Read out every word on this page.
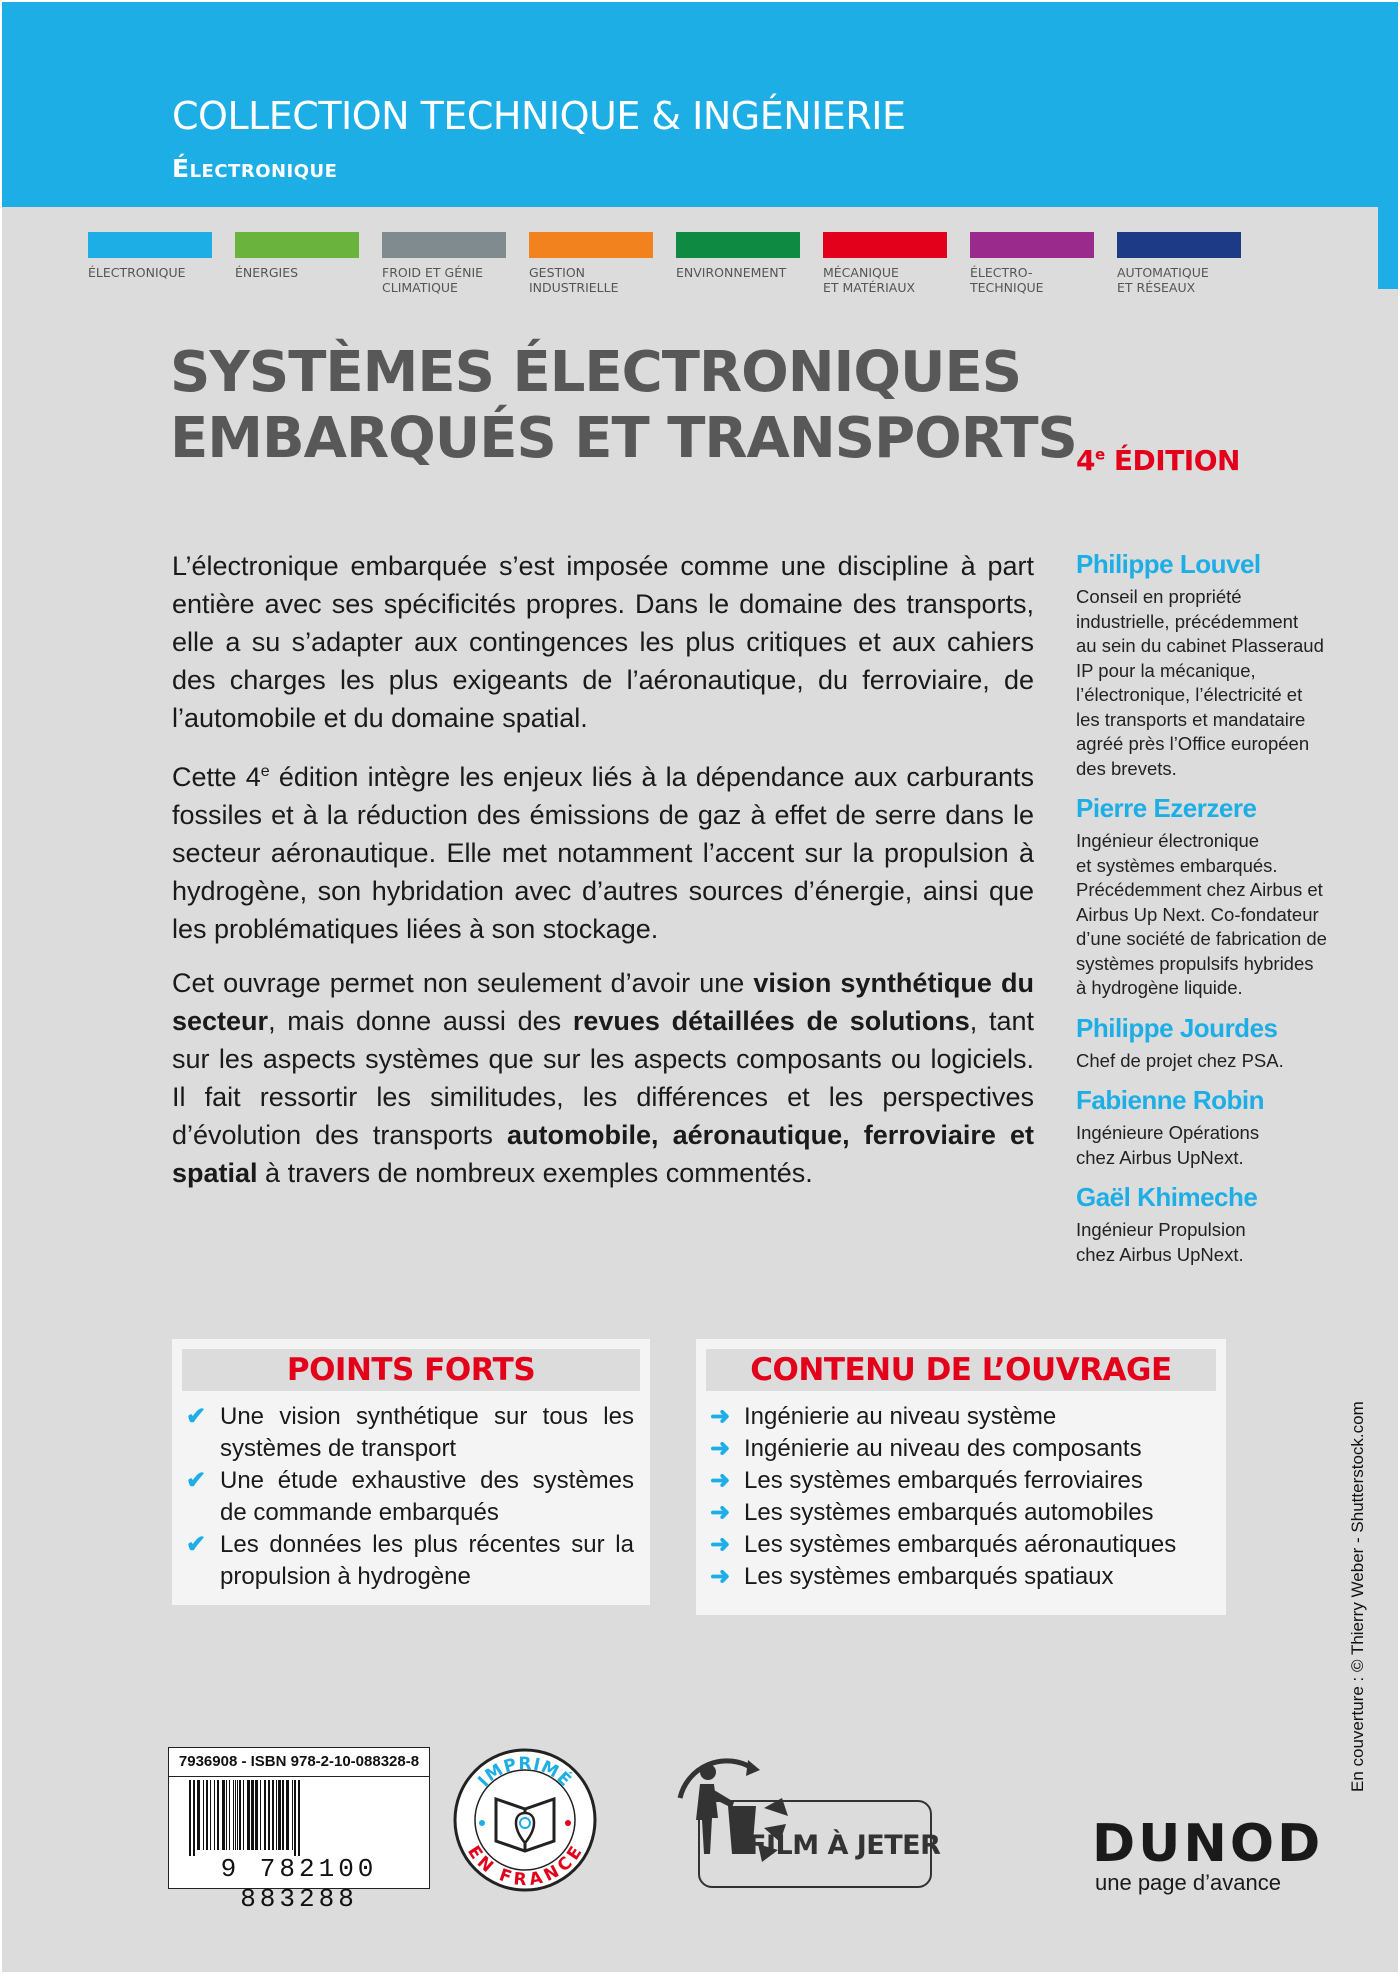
COLLECTION TECHNIQUE & INGÉNIERIE
Électronique
ÉLECTRONIQUE	ÉNERGIES	FROID ET GÉNIE
CLIMATIQUE
GESTION
INDUSTRIELLE
ENVIRONNEMENT	MÉCANIQUE
ET MATÉRIAUX
ÉLECTRO-
TECHNIQUE
AUTOMATIQUE
ET RÉSEAUX
SYSTÈMES ÉLECTRONIQUES
EMBARQUÉS ET TRANSPORTS 4e ÉDITION

L’électronique embarquée s’est imposée comme une discipline à part entière avec ses spécificités propres. Dans le domaine des transports, elle a su s’adapter aux contingences les plus critiques et aux cahiers des charges les plus exigeants de l’aéronautique, du ferroviaire, de l’automobile et du domaine spatial.

Cette 4e édition intègre les enjeux liés à la dépendance aux carburants fossiles et à la réduction des émissions de gaz à effet de serre dans le secteur aéronautique. Elle met notamment l’accent sur la propulsion à hydrogène, son hybridation avec d’autres sources d’énergie, ainsi que les problématiques liées à son stockage.

Cet ouvrage permet non seulement d’avoir une vision synthétique du secteur, mais donne aussi des revues détaillées de solutions, tant sur les aspects systèmes que sur les aspects composants ou logiciels. Il fait ressortir les similitudes, les différences et les perspectives d’évolution des transports automobile, aéronautique, ferroviaire et spatial à travers de nombreux exemples commentés.

Philippe Louvel
Conseil en propriété
industrielle, précédemment
au sein du cabinet Plasseraud
IP pour la mécanique,
l’électronique, l’électricité et
les transports et mandataire
agréé près l’Office européen
des brevets.
Pierre Ezerzere
Ingénieur électronique
et systèmes embarqués.
Précédemment chez Airbus et
Airbus Up Next. Co-fondateur
d’une société de fabrication de
systèmes propulsifs hybrides
à hydrogène liquide.
Philippe Jourdes
Chef de projet chez PSA.
Fabienne Robin
Ingénieure Opérations
chez Airbus UpNext.
Gaël Khimeche
Ingénieur Propulsion
chez Airbus UpNext.
POINTS FORTS
✔ Une vision synthétique sur tous les systèmes de transport
✔ Une étude exhaustive des systèmes de commande embarqués
✔ Les données les plus récentes sur la propulsion à hydrogène
CONTENU DE L’OUVRAGE
➜ Ingénierie au niveau système
➜ Ingénierie au niveau des composants
➜ Les systèmes embarqués ferroviaires
➜ Les systèmes embarqués automobiles
➜ Les systèmes embarqués aéronautiques
➜ Les systèmes embarqués spatiaux
7936908 - ISBN 978-2-10-088328-8
9 782100 883288
IMPRIMÉ
EN FRANCE	FILM À JETER	DUNOD
une page d’avance
En couverture : © Thierry Weber - Shutterstock.com
